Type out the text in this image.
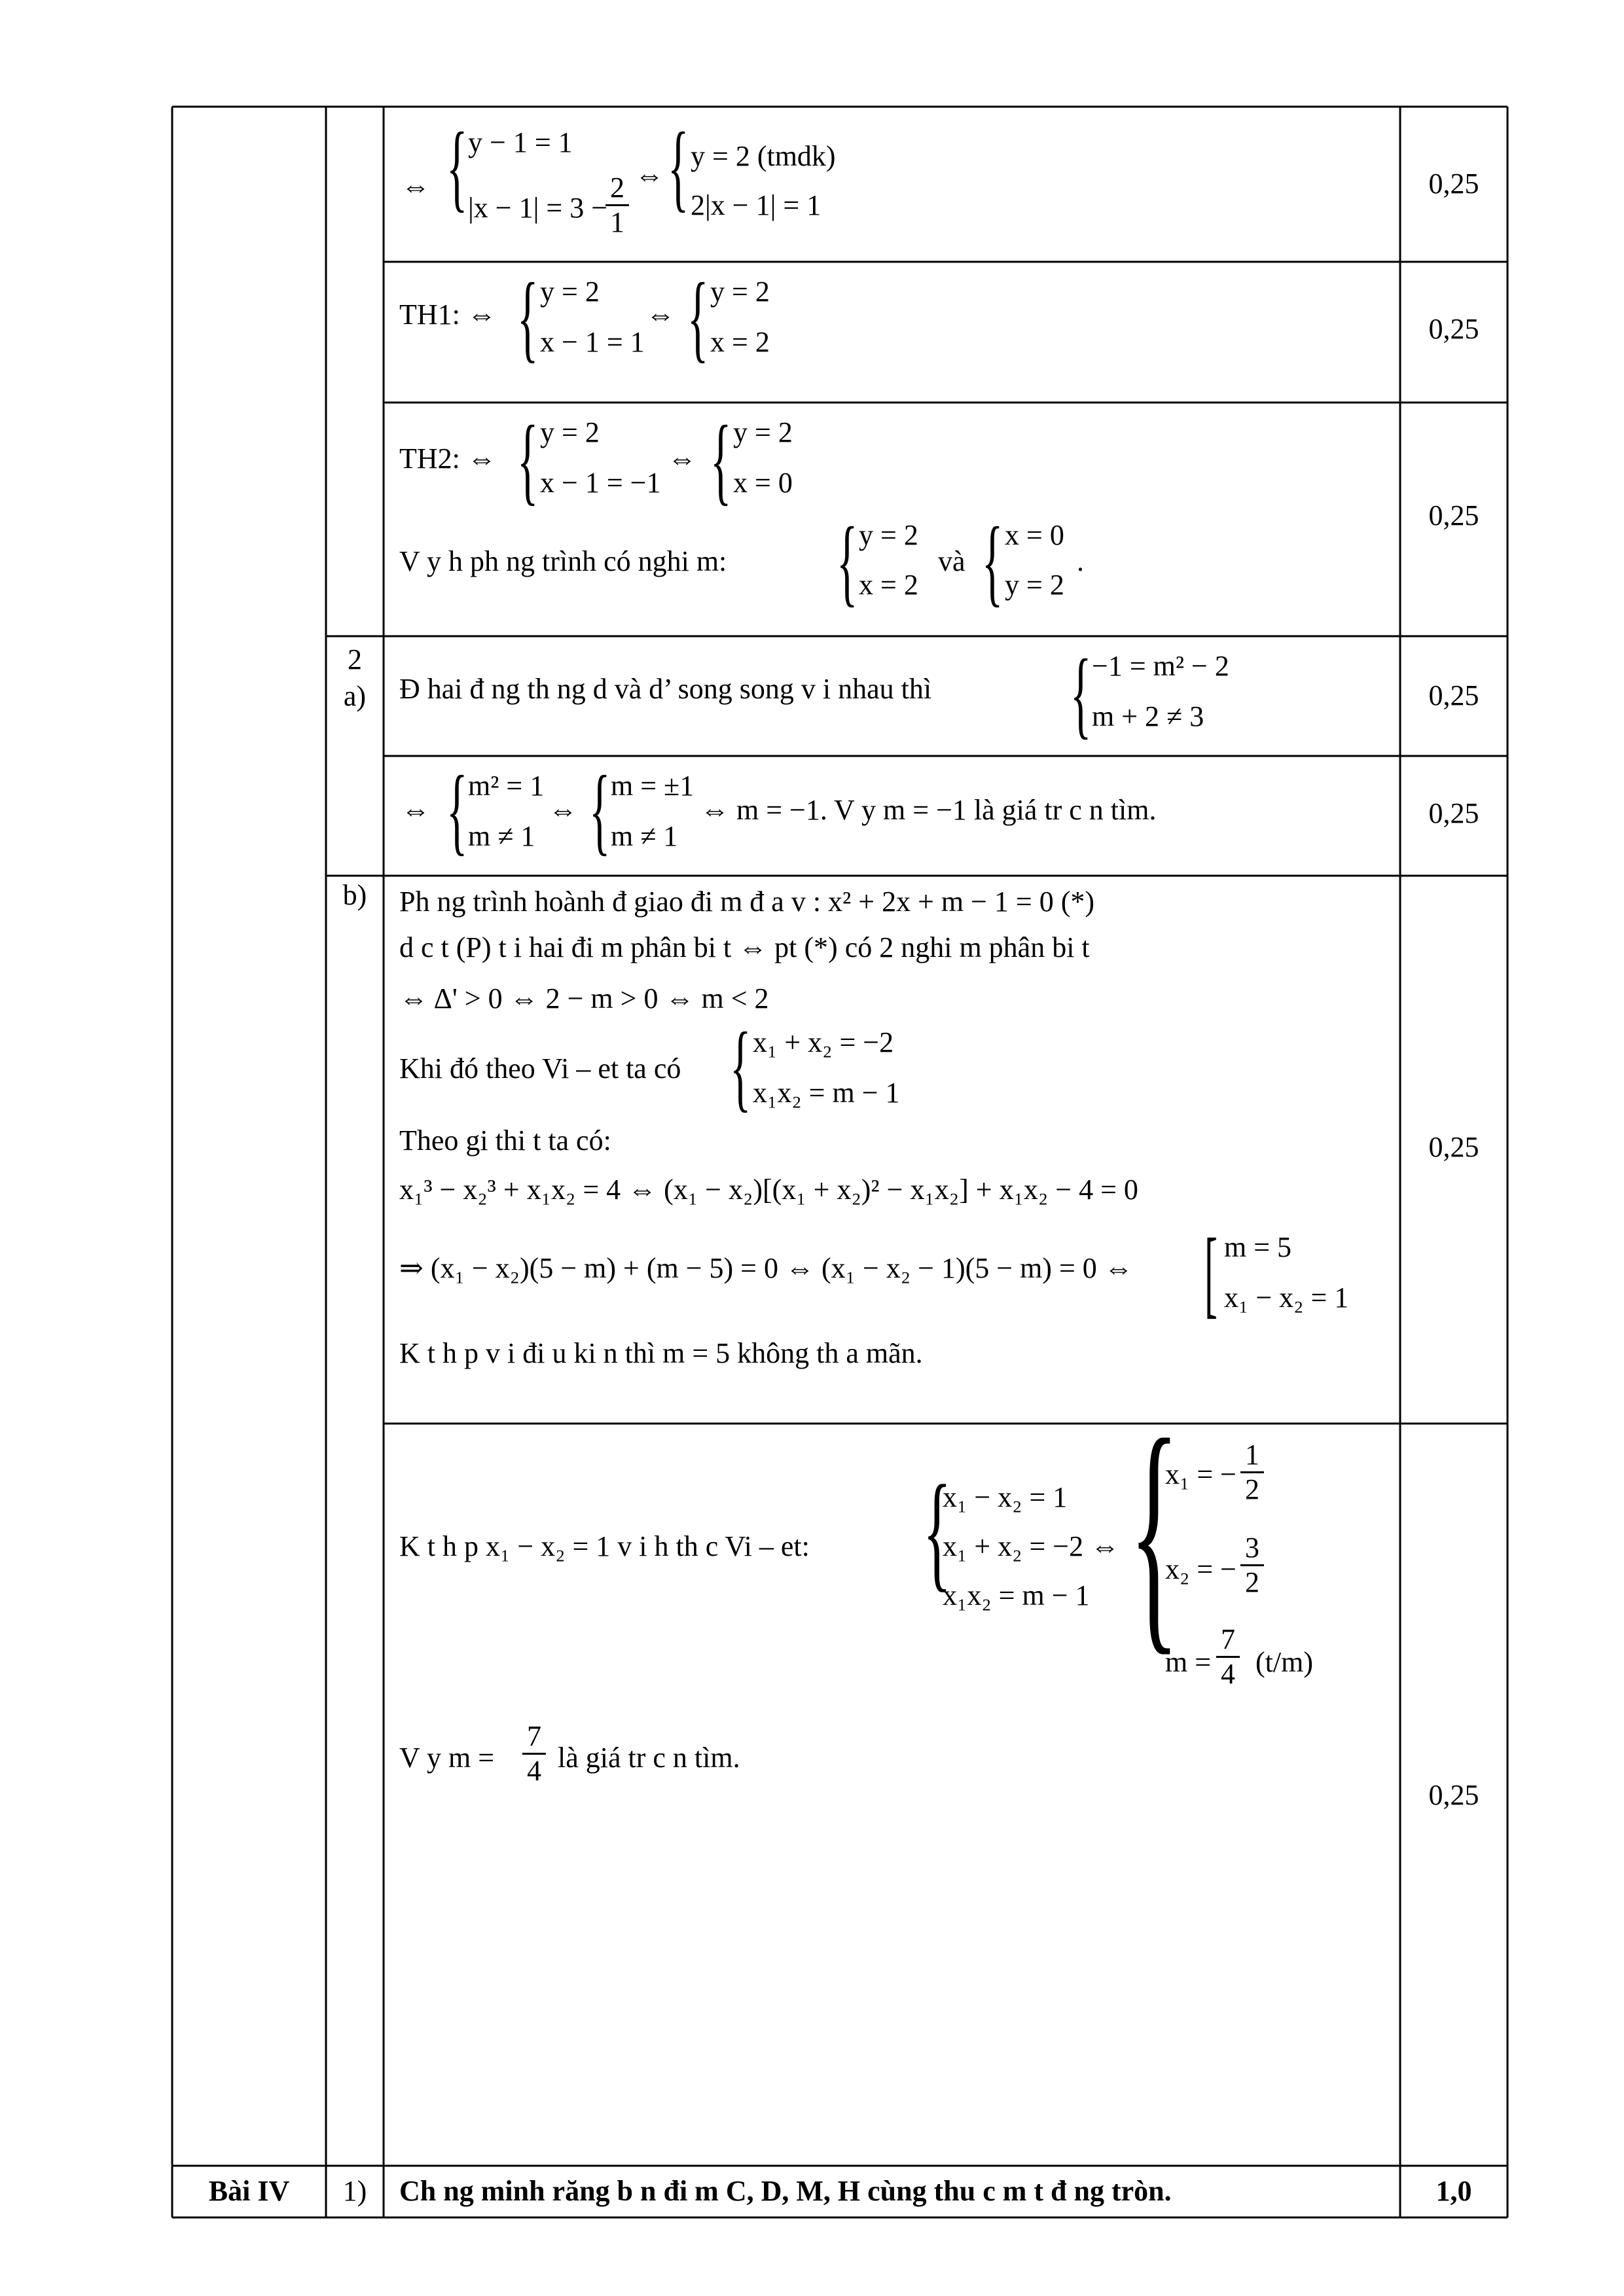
⇔ { y − 1 = 1
|x − 1| = 3 −
$\frac{2}{1}$ ⇔ { y = 2 (tmdk)
2|x − 1| = 1
0,25
TH1: ⇔ { y = 2
x − 1 = 1
⇔ { y = 2
x = 2	0,25
TH2: ⇔ { y = 2
x − 1 = −1
⇔ { y = 2
x = 0
V y h ph ng trình có nghi m: { y = 2
x = 2
và { x = 0
y = 2
.
0,25
2
a)	Đ hai đ ng th ng d và d’ song song v i nhau thì { −1 = m² − 2
m + 2 ≠ 3
0,25
⇔ { m² = 1
m ≠ 1
⇔ { m = ±1
m ≠ 1
⇔ m = −1. V y m = −1 là giá tr c n tìm.	0,25
b)	Ph ng trình hoành đ giao đi m đ a v : x² + 2x + m − 1 = 0 (*)
d c t (P) t i hai đi m phân bi t ⇔ pt (*) có 2 nghi m phân bi t
⇔ Δ' > 0 ⇔ 2 − m > 0 ⇔ m < 2
Khi đó theo Vi – et ta có { x₁ + x₂ = −2
x₁x₂ = m − 1
Theo gi thi t ta có:
x₁³ − x₂³ + x₁x₂ = 4 ⇔ (x₁ − x₂)[(x₁ + x₂)² − x₁x₂] + x₁x₂ − 4 = 0
⇒ (x₁ − x₂)(5 − m) + (m − 5) = 0 ⇔ (x₁ − x₂ − 1)(5 − m) = 0 ⇔ [ m = 5
x₁ − x₂ = 1
K t h p v i đi u ki n thì m = 5 không th a mãn.
0,25
K t h p x₁ − x₂ = 1 v i h th c Vi – et: {
x₁ − x₂ = 1
x₁ + x₂ = −2 ⇔
x₁x₂ = m − 1 {
x₁ = − $\frac{1}{2}$
x₂ = − $\frac{3}{2}$
$m = \frac{7}{4} (t/m)$
V y $m = \frac{7}{4}$ là giá tr c n tìm.
0,25
Bài IV	1)	Ch ng minh răng b n đi m C, D, M, H cùng thu c m t đ ng tròn.	1,0
